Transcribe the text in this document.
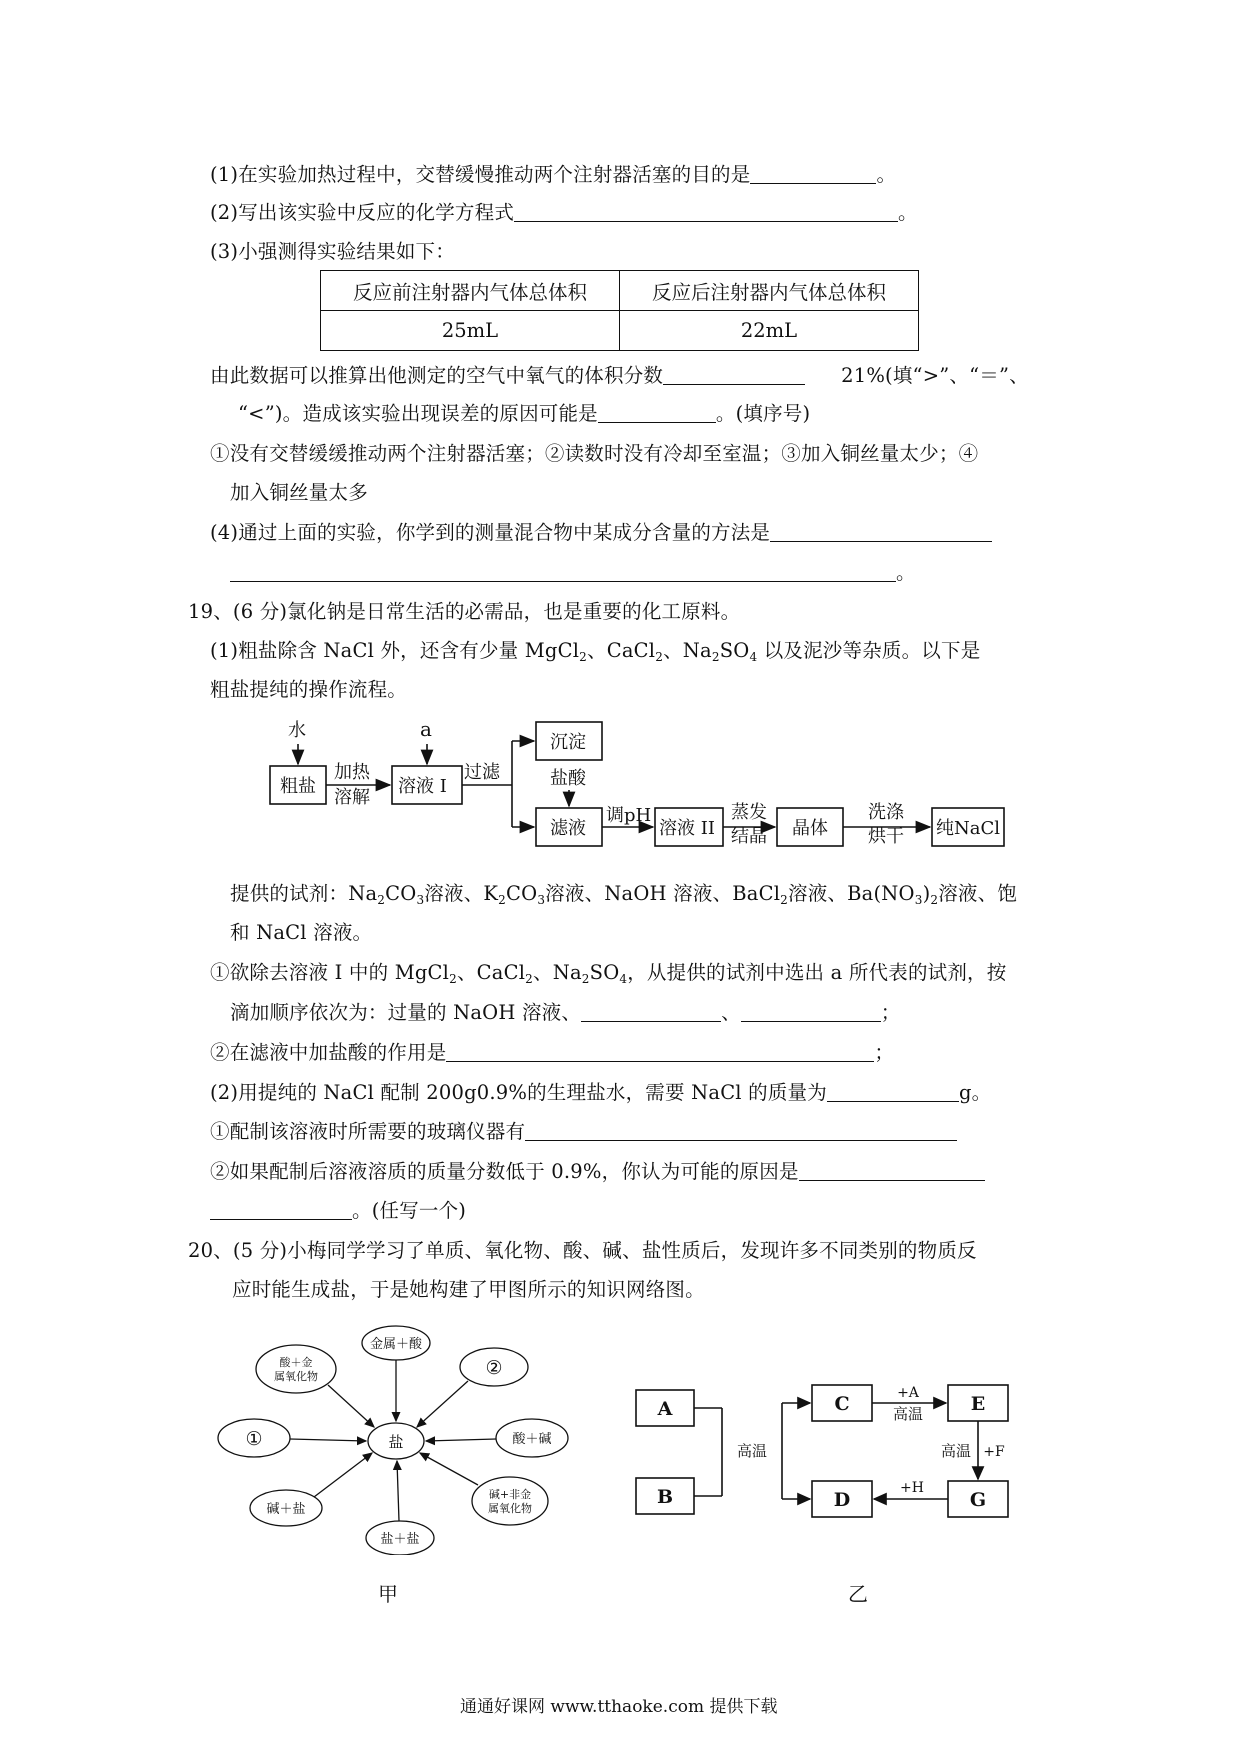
(1)在实验加热过程中，交替缓慢推动两个注射器活塞的目的是	。
(2)写出该实验中反应的化学方程式	。
(3)小强测得实验结果如下：
反应前注射器内气体总体积	反应后注射器内气体总体积
25mL	22mL
由此数据可以推算出他测定的空气中氧气的体积分数	21%(填“>”、“＝”、
“<”)。造成该实验出现误差的原因可能是	。(填序号)
①没有交替缓缓推动两个注射器活塞；②读数时没有冷却至室温；③加入铜丝量太少；④
加入铜丝量太多
(4)通过上面的实验，你学到的测量混合物中某成分含量的方法是
。
19、(6 分)氯化钠是日常生活的必需品，也是重要的化工原料。
(1)粗盐除含 NaCl 外，还含有少量 MgCl$_2$、CaCl$_2$、$Na_2SO_4$ 以及泥沙等杂质。以下是
粗盐提纯的操作流程。
水	a
粗盐
加热
溶解
溶液 I
过滤
沉淀
盐酸
滤液
调pH
溶液 II
蒸发
结晶 晶体
洗涤
烘干 纯NaCl
提供的试剂：$Na_2CO_3$溶液、$K_2CO_3$溶液、NaOH 溶液、BaCl$_2$溶液、$Ba(NO_3)_2$溶液、饱
和 NaCl 溶液。
①欲除去溶液 I 中的 MgCl$_2$、CaCl$_2$、$Na_2SO_4$，从提供的试剂中选出 a 所代表的试剂，按
滴加顺序依次为：过量的 NaOH 溶液、	、	；
②在滤液中加盐酸的作用是	；
(2)用提纯的 NaCl 配制 200g0.9%的生理盐水，需要 NaCl 的质量为	g。
①配制该溶液时所需要的玻璃仪器有
②如果配制后溶液溶质的质量分数低于 0.9%，你认为可能的原因是
。(任写一个)
20、(5 分)小梅同学学习了单质、氧化物、酸、碱、盐性质后，发现许多不同类别的物质反
应时能生成盐，于是她构建了甲图所示的知识网络图。
盐
金属＋酸
酸＋金
属氧化物	②
①	酸＋碱
碱＋盐
碱+非金
属氧化物
盐＋盐
A
B
C
D
E
G
高温
+A
高温
高温 +F
+H
甲	乙
通通好课网 www.tthaoke.com 提供下载
